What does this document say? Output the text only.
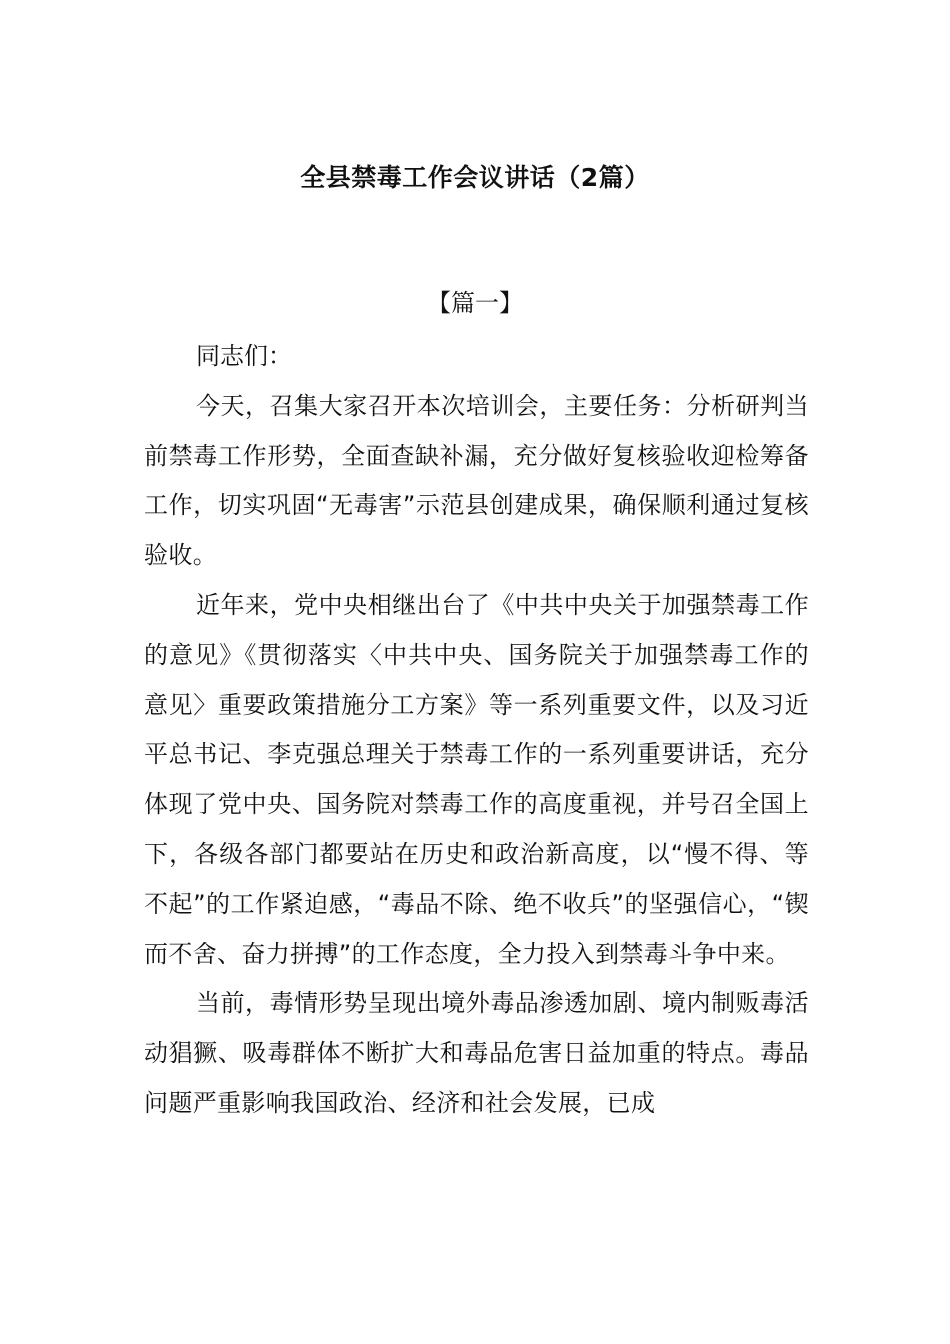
全县禁毒工作会议讲话（2篇）
【篇一】

同志们：

今天，召集大家召开本次培训会，主要任务：分析研判当前禁毒工作形势，全面查缺补漏，充分做好复核验收迎检筹备工作，切实巩固“无毒害”示范县创建成果，确保顺利通过复核验收。

近年来，党中央相继出台了《中共中央关于加强禁毒工作的意见》《贯彻落实〈中共中央、国务院关于加强禁毒工作的意见〉重要政策措施分工方案》等一系列重要文件，以及习近平总书记、李克强总理关于禁毒工作的一系列重要讲话，充分体现了党中央、国务院对禁毒工作的高度重视，并号召全国上下，各级各部门都要站在历史和政治新高度，以“慢不得、等不起”的工作紧迫感，“毒品不除、绝不收兵”的坚强信心，“锲而不舍、奋力拼搏”的工作态度，全力投入到禁毒斗争中来。

当前，毒情形势呈现出境外毒品渗透加剧、境内制贩毒活动猖獗、吸毒群体不断扩大和毒品危害日益加重的特点。毒品问题严重影响我国政治、经济和社会发展，已成
